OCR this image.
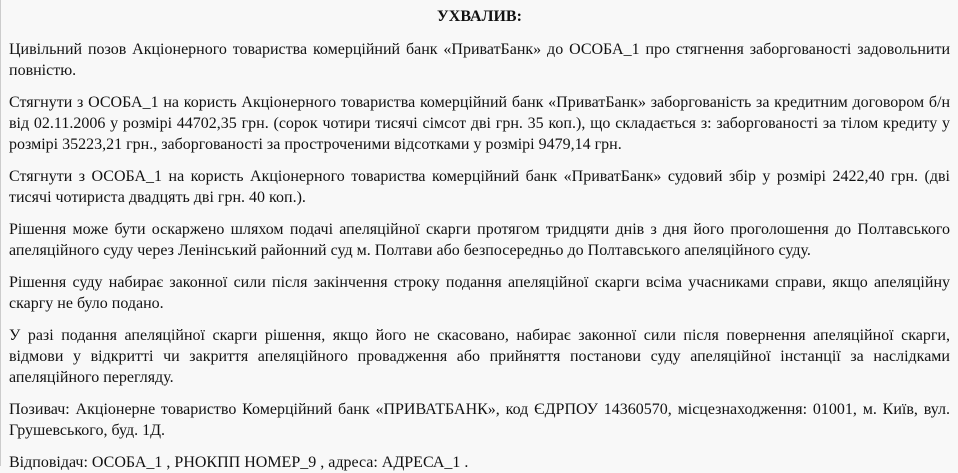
УХВАЛИВ:

Цивільний позов Акціонерного товариства комерційний банк «ПриватБанк» до ОСОБА_1 про стягнення заборгованості задовольнити повністю.

Стягнути з ОСОБА_1 на користь Акціонерного товариства комерційний банк «ПриватБанк» заборгованість за кредитним договором б/н від 02.11.2006 у розмірі 44702,35 грн. (сорок чотири тисячі сімсот дві грн. 35 коп.), що складається з: заборгованості за тілом кредиту у розмірі 35223,21 грн., заборгованості за простроченими відсотками у розмірі 9479,14 грн.

Стягнути з ОСОБА_1 на користь Акціонерного товариства комерційний банк «ПриватБанк» судовий збір у розмірі 2422,40 грн. (дві тисячі чотириста двадцять дві грн. 40 коп.).

Рішення може бути оскаржено шляхом подачі апеляційної скарги протягом тридцяти днів з дня його проголошення до Полтавського апеляційного суду через Ленінський районний суд м. Полтави або безпосередньо до Полтавського апеляційного суду.

Рішення суду набирає законної сили після закінчення строку подання апеляційної скарги всіма учасниками справи, якщо апеляційну скаргу не було подано.

У разі подання апеляційної скарги рішення, якщо його не скасовано, набирає законної сили після повернення апеляційної скарги, відмови у відкритті чи закриття апеляційного провадження або прийняття постанови суду апеляційної інстанції за наслідками апеляційного перегляду.

Позивач: Акціонерне товариство Комерційний банк «ПРИВАТБАНК», код ЄДРПОУ 14360570, місцезнаходження: 01001, м. Київ, вул. Грушевського, буд. 1Д.

Відповідач: ОСОБА_1 , РНОКПП НОМЕР_9 , адреса: АДРЕСА_1 .
